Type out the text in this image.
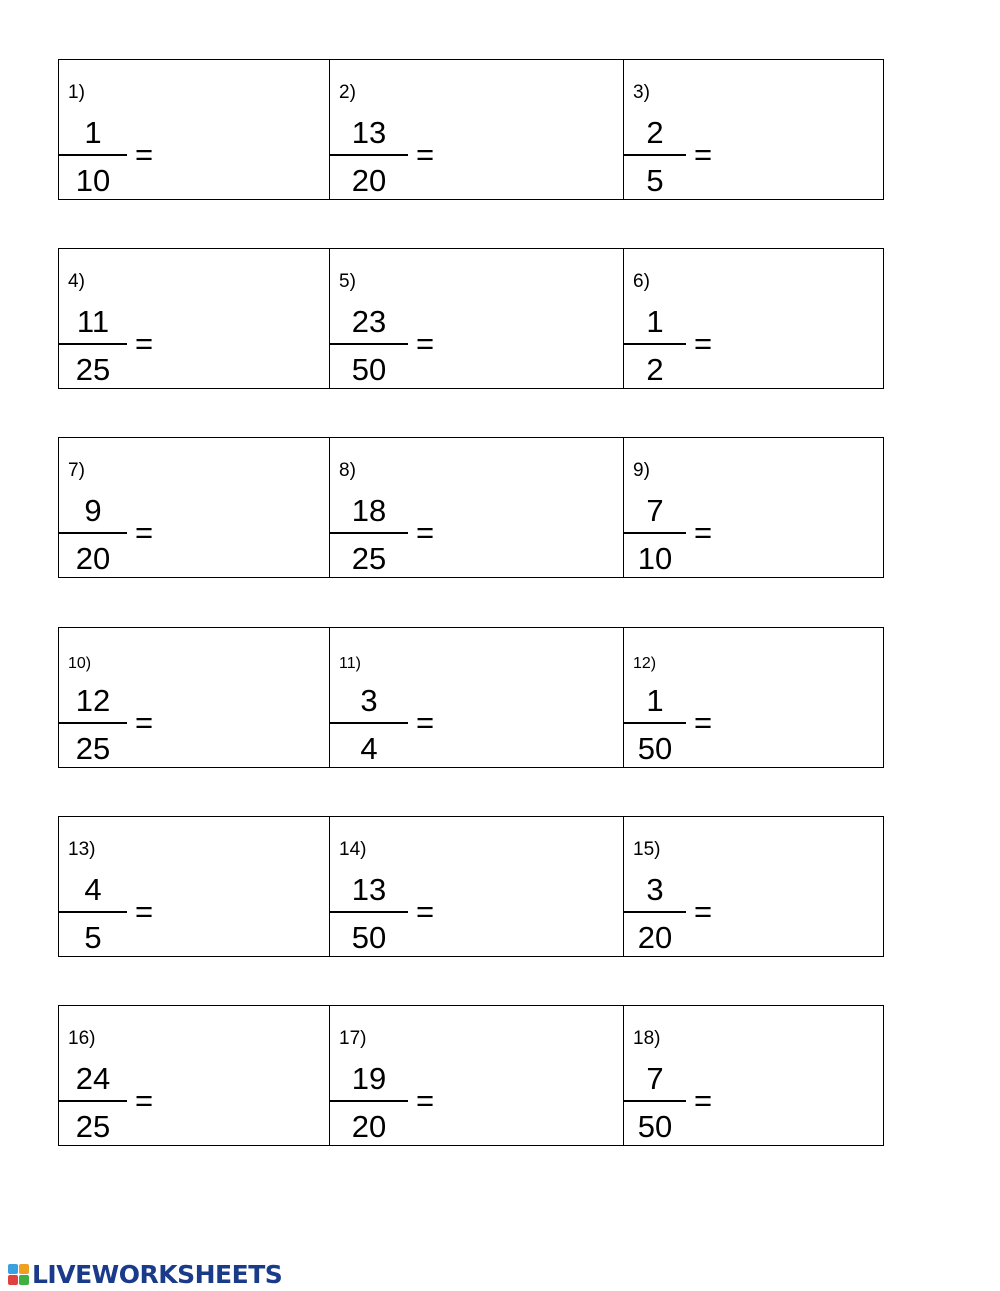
1)
1
10
=
2)
13
20
=
3)
2
5
=
4)
11
25
=
5)
23
50
=
6)
1
2
=
7)
9
20
=
8)
18
25
=
9)
7
10
=
10)
12
25
=
11)
3
4
=
12)
1
50
=
13)
4
5
=
14)
13
50
=
15)
3
20
=
16)
24
25
=
17)
19
20
=
18)
7
50
=
LIVEWORKSHEETS
